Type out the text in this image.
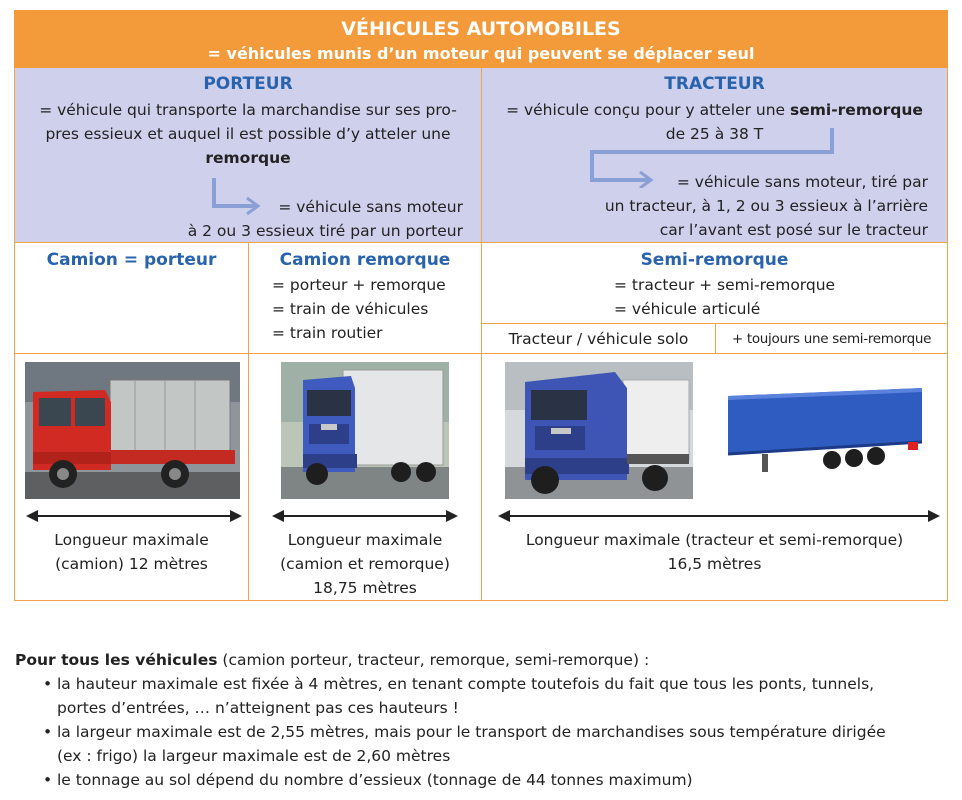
VÉHICULES AUTOMOBILES
= véhicules munis d’un moteur qui peuvent se déplacer seul
PORTEUR
= véhicule qui transporte la marchandise sur ses pro-
pres essieux et auquel il est possible d’y atteler une
remorque
= véhicule sans moteur
à 2 ou 3 essieux tiré par un porteur
TRACTEUR
= véhicule conçu pour y atteler une semi-remorque
de 25 à 38 T
= véhicule sans moteur, tiré par
un tracteur, à 1, 2 ou 3 essieux à l’arrière
car l’avant est posé sur le tracteur
Camion = porteur	Camion remorque
= porteur + remorque
= train de véhicules
= train routier
Semi-remorque
= tracteur + semi-remorque
= véhicule articulé
Tracteur / véhicule solo	+ toujours une semi-remorque
Longueur maximale
(camion) 12 mètres
Longueur maximale
(camion et remorque)
18,75 mètres
Longueur maximale (tracteur et semi-remorque)
16,5 mètres
Pour tous les véhicules (camion porteur, tracteur, remorque, semi-remorque) :
• la hauteur maximale est fixée à 4 mètres, en tenant compte toutefois du fait que tous les ponts, tunnels,
portes d’entrées, … n’atteignent pas ces hauteurs !
• la largeur maximale est de 2,55 mètres, mais pour le transport de marchandises sous température dirigée
(ex : frigo) la largeur maximale est de 2,60 mètres
• le tonnage au sol dépend du nombre d’essieux (tonnage de 44 tonnes maximum)
